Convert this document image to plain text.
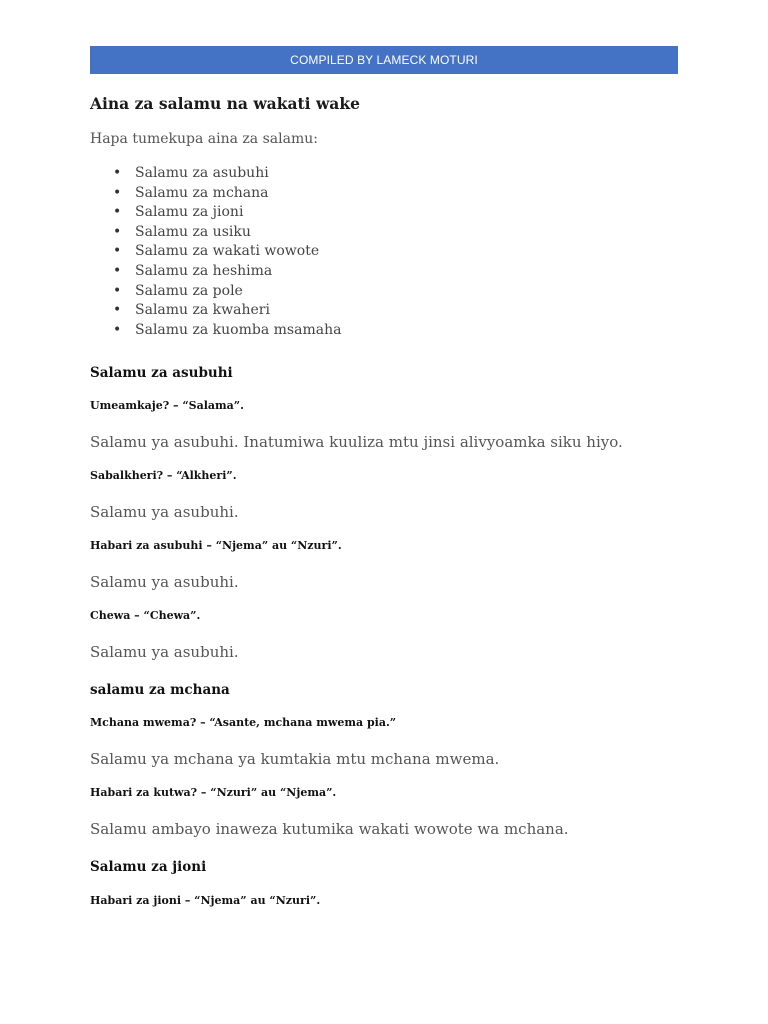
COMPILED BY LAMECK MOTURI
Aina za salamu na wakati wake

Hapa tumekupa aina za salamu:

• Salamu za asubuhi
• Salamu za mchana
• Salamu za jioni
• Salamu za usiku
• Salamu za wakati wowote
• Salamu za heshima
• Salamu za pole
• Salamu za kwaheri
• Salamu za kuomba msamaha
Salamu za asubuhi

Umeamkaje? – “Salama”.

Salamu ya asubuhi. Inatumiwa kuuliza mtu jinsi alivyoamka siku hiyo.

Sabalkheri? – “Alkheri”.

Salamu ya asubuhi.

Habari za asubuhi – “Njema” au “Nzuri”.

Salamu ya asubuhi.

Chewa – “Chewa”.

Salamu ya asubuhi.

salamu za mchana

Mchana mwema? – “Asante, mchana mwema pia.”

Salamu ya mchana ya kumtakia mtu mchana mwema.

Habari za kutwa? – “Nzuri” au “Njema”.

Salamu ambayo inaweza kutumika wakati wowote wa mchana.

Salamu za jioni

Habari za jioni – “Njema” au “Nzuri”.
